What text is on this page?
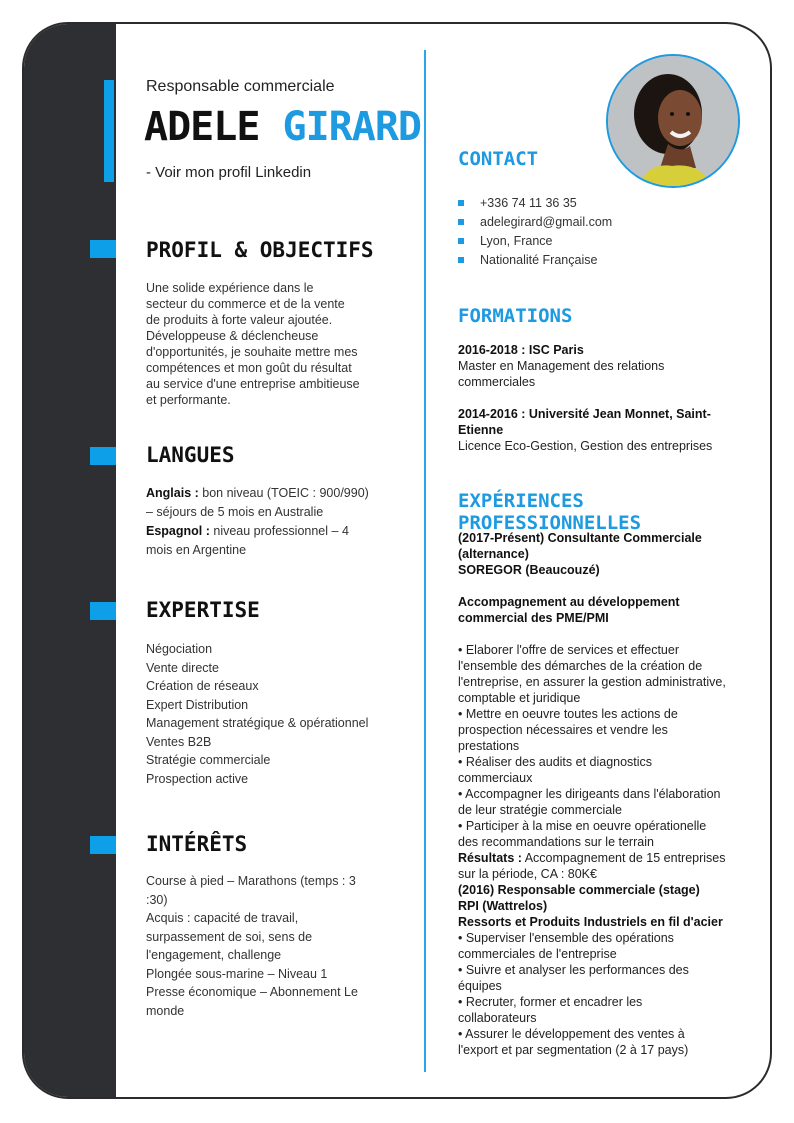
Responsable commerciale
ADELE GIRARD
- Voir mon profil Linkedin
PROFIL & OBJECTIFS
Une solide expérience dans le
secteur du commerce et de la vente
de produits à forte valeur ajoutée.
Développeuse & déclencheuse
d'opportunités, je souhaite mettre mes
compétences et mon goût du résultat
au service d'une entreprise ambitieuse
et performante.
LANGUES
Anglais : bon niveau (TOEIC : 900/990)
– séjours de 5 mois en Australie
Espagnol : niveau professionnel – 4
mois en Argentine
EXPERTISE
Négociation
Vente directe
Création de réseaux
Expert Distribution
Management stratégique & opérationnel
Ventes B2B
Stratégie commerciale
Prospection active
INTÉRÊTS
Course à pied – Marathons (temps : 3
:30)
Acquis : capacité de travail,
surpassement de soi, sens de
l'engagement, challenge
Plongée sous-marine – Niveau 1
Presse économique – Abonnement Le
monde
CONTACT
+336 74 11 36 35
adelegirard@gmail.com
Lyon, France
Nationalité Française
FORMATIONS
2016-2018 : ISC Paris
Master en Management des relations
commerciales
2014-2016 : Université Jean Monnet, Saint-
Etienne
Licence Eco-Gestion, Gestion des entreprises
EXPÉRIENCES PROFESSIONNELLES
(2017-Présent) Consultante Commerciale
(alternance)
SOREGOR (Beaucouzé)

Accompagnement au développement
commercial des PME/PMI

• Elaborer l'offre de services et effectuer
l'ensemble des démarches de la création de
l'entreprise, en assurer la gestion administrative,
comptable et juridique
• Mettre en oeuvre toutes les actions de
prospection nécessaires et vendre les
prestations
• Réaliser des audits et diagnostics
commerciaux
• Accompagner les dirigeants dans l'élaboration
de leur stratégie commerciale
• Participer à la mise en oeuvre opérationelle
des recommandations sur le terrain
Résultats : Accompagnement de 15 entreprises
sur la période, CA : 80K€
(2016) Responsable commerciale (stage)
RPI (Wattrelos)
Ressorts et Produits Industriels en fil d'acier
• Superviser l'ensemble des opérations
commerciales de l'entreprise
• Suivre et analyser les performances des
équipes
• Recruter, former et encadrer les
collaborateurs
• Assurer le développement des ventes à
l'export et par segmentation (2 à 17 pays)
